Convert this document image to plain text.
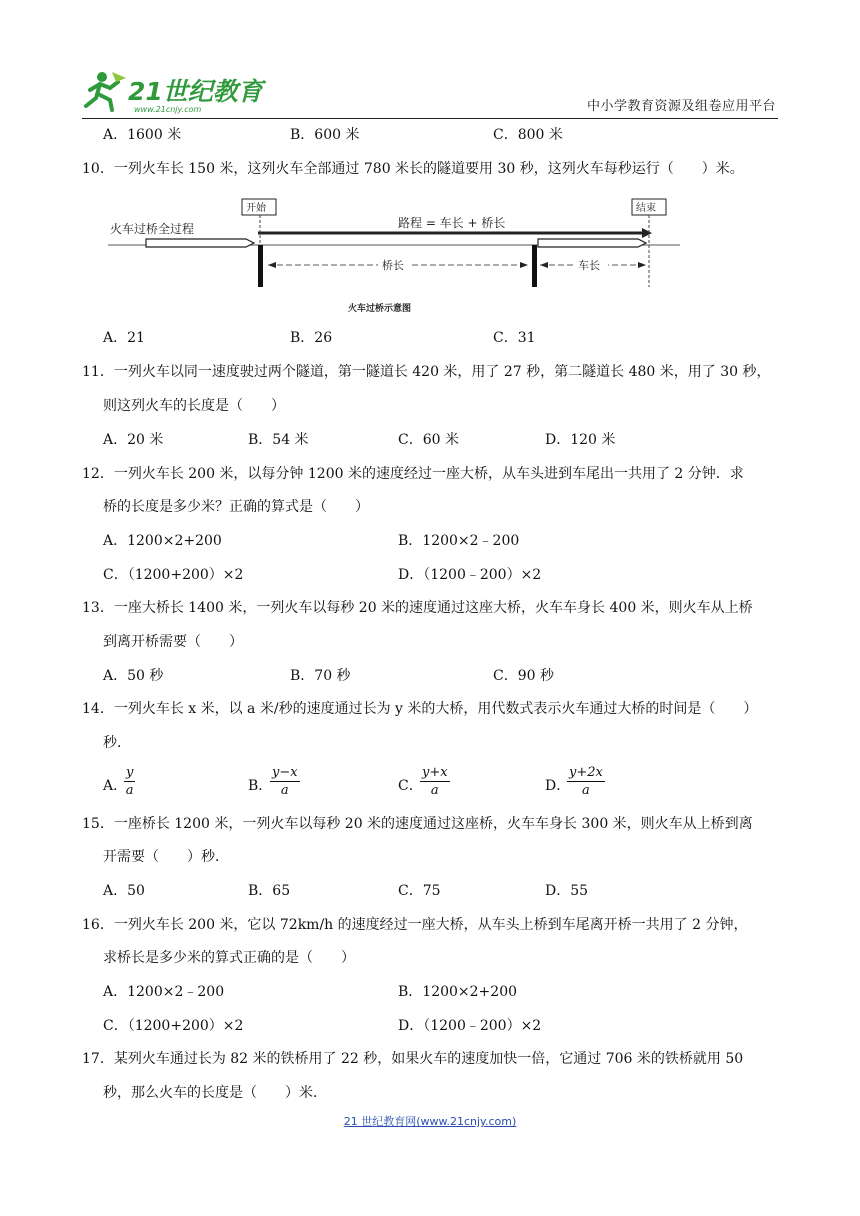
21世纪教育
www.21cnjy.com	中小学教育资源及组卷应用平台
A．1600 米	B．600 米	C．800 米
10．一列火车长 150 米，这列火车全部通过 780 米长的隧道要用 30 秒，这列火车每秒运行（　　）米。
火车过桥全过程
开始	结束
路程 = 车长 + 桥长
桥长	车长
火车过桥示意图
A．21	B．26	C．31
11．一列火车以同一速度驶过两个隧道，第一隧道长 420 米，用了 27 秒，第二隧道长 480 米，用了 30 秒，
则这列火车的长度是（　　）
A．20 米	B．54 米	C．60 米	D．120 米
12．一列火车长 200 米，以每分钟 1200 米的速度经过一座大桥，从车头进到车尾出一共用了 2 分钟．求
桥的长度是多少米？正确的算式是（　　）
A．1200×2+200	B．1200×2﹣200
C．（1200+200）×2	D．（1200﹣200）×2
13．一座大桥长 1400 米，一列火车以每秒 20 米的速度通过这座大桥，火车车身长 400 米，则火车从上桥
到离开桥需要（　　）
A．50 秒	B．70 秒	C．90 秒
14．一列火车长 x 米，以 a 米/秒的速度通过长为 y 米的大桥，用代数式表示火车通过大桥的时间是（　　）
秒．
A．
$\frac{y}{a}$	B．
$\frac{y-x}{a}$	C．
$\frac{y+x}{a}$	D．
$\frac{y+2x}{a}$
15．一座桥长 1200 米，一列火车以每秒 20 米的速度通过这座桥，火车车身长 300 米，则火车从上桥到离
开需要（　　）秒．
A．50	B．65	C．75	D．55
16．一列火车长 200 米，它以 72km/h 的速度经过一座大桥，从车头上桥到车尾离开桥一共用了 2 分钟，
求桥长是多少米的算式正确的是（　　）
A．1200×2﹣200	B．1200×2+200
C．（1200+200）×2	D．（1200﹣200）×2
17．某列火车通过长为 82 米的铁桥用了 22 秒，如果火车的速度加快一倍，它通过 706 米的铁桥就用 50
秒，那么火车的长度是（　　）米．
21 世纪教育网(www.21cnjy.com)
